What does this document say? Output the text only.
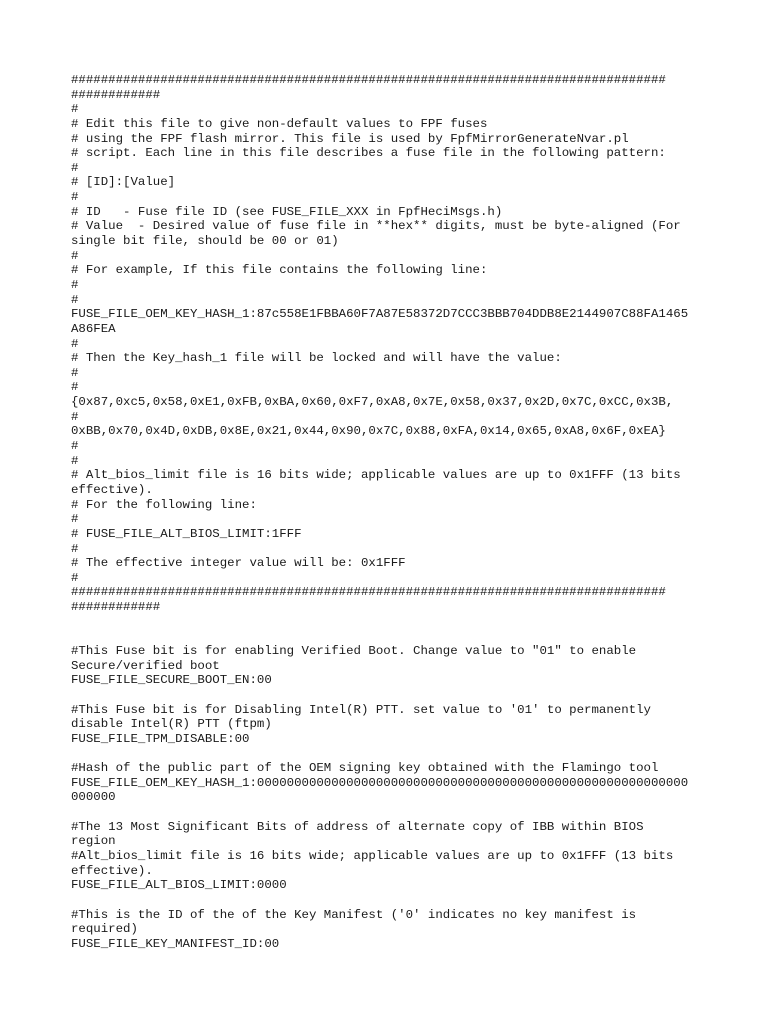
################################################################################
############
#
# Edit this file to give non-default values to FPF fuses
# using the FPF flash mirror. This file is used by FpfMirrorGenerateNvar.pl
# script. Each line in this file describes a fuse file in the following pattern:
#
# [ID]:[Value]
#
# ID   - Fuse file ID (see FUSE_FILE_XXX in FpfHeciMsgs.h)
# Value  - Desired value of fuse file in **hex** digits, must be byte-aligned (For
single bit file, should be 00 or 01)
#
# For example, If this file contains the following line:
#
#
FUSE_FILE_OEM_KEY_HASH_1:87c558E1FBBA60F7A87E58372D7CCC3BBB704DDB8E2144907C88FA1465
A86FEA
#
# Then the Key_hash_1 file will be locked and will have the value:
#
#
{0x87,0xc5,0x58,0xE1,0xFB,0xBA,0x60,0xF7,0xA8,0x7E,0x58,0x37,0x2D,0x7C,0xCC,0x3B,
#
0xBB,0x70,0x4D,0xDB,0x8E,0x21,0x44,0x90,0x7C,0x88,0xFA,0x14,0x65,0xA8,0x6F,0xEA}
#
#
# Alt_bios_limit file is 16 bits wide; applicable values are up to 0x1FFF (13 bits
effective).
# For the following line:
#
# FUSE_FILE_ALT_BIOS_LIMIT:1FFF
#
# The effective integer value will be: 0x1FFF
#
################################################################################
############
#This Fuse bit is for enabling Verified Boot. Change value to "01" to enable
Secure/verified boot
FUSE_FILE_SECURE_BOOT_EN:00
#This Fuse bit is for Disabling Intel(R) PTT. set value to '01' to permanently
disable Intel(R) PTT (ftpm)
FUSE_FILE_TPM_DISABLE:00
#Hash of the public part of the OEM signing key obtained with the Flamingo tool
FUSE_FILE_OEM_KEY_HASH_1:0000000000000000000000000000000000000000000000000000000000
000000
#The 13 Most Significant Bits of address of alternate copy of IBB within BIOS
region
#Alt_bios_limit file is 16 bits wide; applicable values are up to 0x1FFF (13 bits
effective).
FUSE_FILE_ALT_BIOS_LIMIT:0000
#This is the ID of the of the Key Manifest ('0' indicates no key manifest is
required)
FUSE_FILE_KEY_MANIFEST_ID:00
